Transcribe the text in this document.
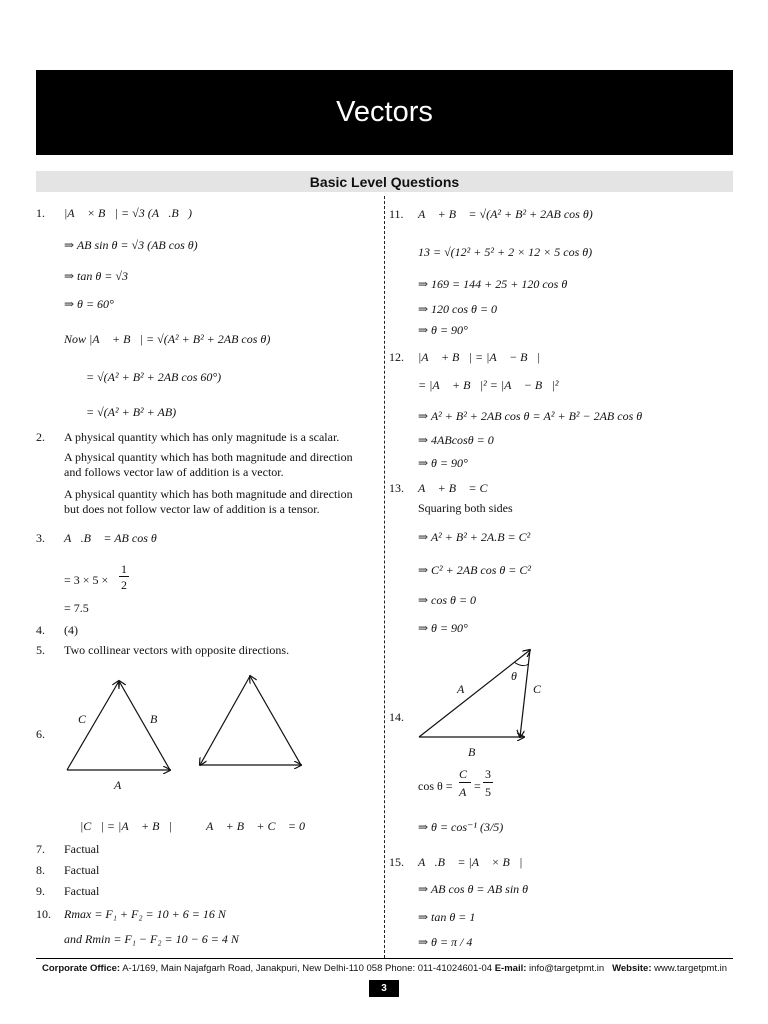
Vectors
Basic Level Questions
1. |A⃗ × B⃗| = √3 (A⃗.B⃗)
⇒ AB sin θ = √3 (AB cos θ)
⇒ tan θ = √3
⇒ θ = 60°
Now |A⃗ + B⃗| = √(A² + B² + 2AB cos θ)
= √(A² + B² + 2AB cos 60°)
= √(A² + B² + AB)
2. A physical quantity which has only magnitude is a scalar.
A physical quantity which has both magnitude and direction
and follows vector law of addition is a vector.
A physical quantity which has both magnitude and direction
but does not follow vector law of addition is a tensor.
3. A⃗.B⃗ = AB cos θ
= 3 × 5 ×
1
2
= 7.5
4. (4)
5. Two collinear vectors with opposite directions.
6.
C⃗	B⃗
A⃗
θ
A⃗	C⃗
B⃗
|C⃗| = |A⃗ + B⃗|	A⃗ + B⃗ + C⃗ = 0
7. Factual
8. Factual
9. Factual
10. Rmax = F₁ + F₂ = 10 + 6 = 16 N
and Rmin = F₁ − F₂ = 10 − 6 = 4 N
11. A⃗ + B⃗ = √(A² + B² + 2AB cos θ)
13 = √(12² + 5² + 2 × 12 × 5 cos θ)
⇒ 169 = 144 + 25 + 120 cos θ
⇒ 120 cos θ = 0
⇒ θ = 90°
12. |A⃗ + B⃗| = |A⃗ − B⃗|
= |A⃗ + B⃗|² = |A⃗ − B⃗|²
⇒ A² + B² + 2AB cos θ = A² + B² − 2AB cos θ
⇒ 4ABcosθ = 0
⇒ θ = 90°
13. A⃗ + B⃗ = C⃗
Squaring both sides
⇒ A² + B² + 2A.B = C²
⇒ C² + 2AB cos θ = C²
⇒ cos θ = 0
⇒ θ = 90°
14.
cos θ =
C⃗
A⃗
=
3
5
⇒ θ = cos⁻¹ (3/5)
15. A⃗.B⃗ = |A⃗ × B⃗|
⇒ AB cos θ = AB sin θ
⇒ tan θ = 1
⇒ θ = π / 4
Corporate Office: A-1/169, Main Najafgarh Road, Janakpuri, New Delhi-110 058 Phone: 011-41024601-04 E-mail: info@targetpmt.in Website: www.targetpmt.in
3
